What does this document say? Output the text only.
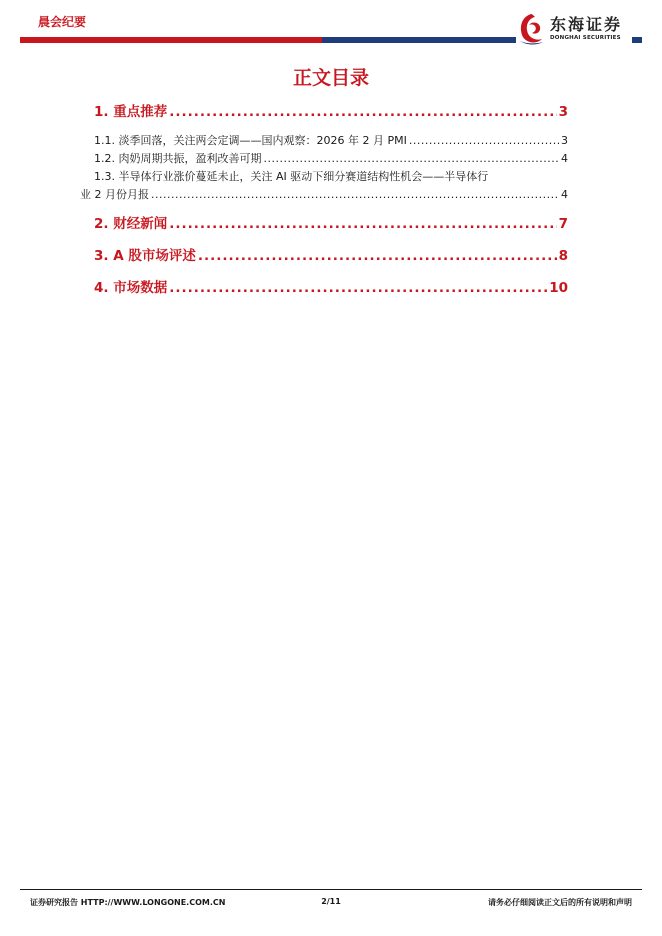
晨会纪要	东海证券
DONGHAI SECURITIES
正文目录
1. 重点推荐 .....	3
1.1. 淡季回落，关注两会定调——国内观察：2026 年 2 月 PMI .....	3
1.2. 肉奶周期共振，盈利改善可期 .....	4
1.3. 半导体行业涨价蔓延未止，关注 AI 驱动下细分赛道结构性机会——半导体行
业 2 月份月报 .....	4
2. 财经新闻 .....	7
3. A 股市场评述 .....	8
4. 市场数据 .....	10
证券研究报告 HTTP://WWW.LONGONE.COM.CN	2/11	请务必仔细阅读正文后的所有说明和声明
